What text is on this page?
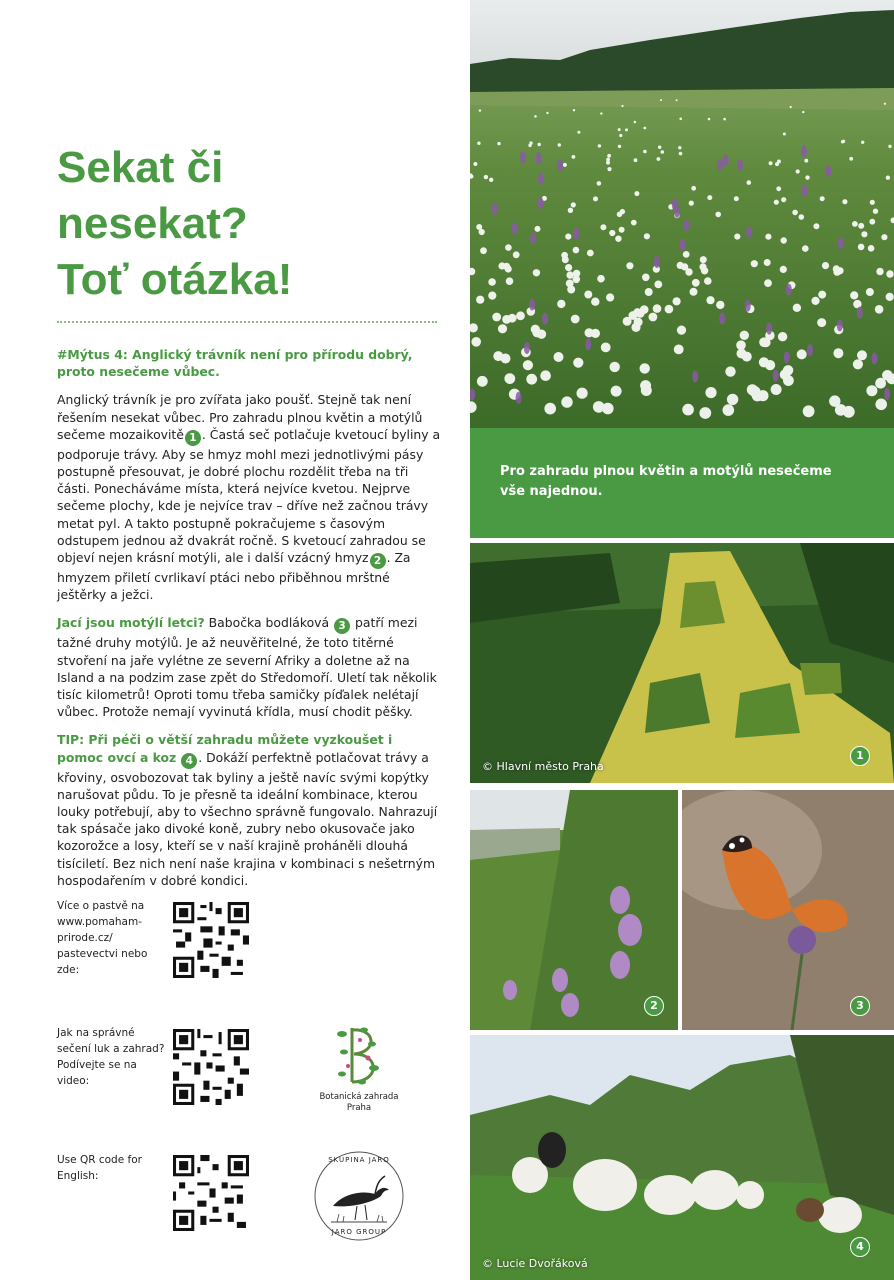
Sekat či
nesekat?
Toť otázka!

#Mýtus 4: Anglický trávník není pro přírodu dobrý, proto nesečeme vůbec.

Anglický trávník je pro zvířata jako poušť. Stejně tak není řešením nesekat vůbec. Pro zahradu plnou květin a motýlů sečeme mozaikovitě 1 . Častá seč potlačuje kvetoucí byliny a podporuje trávy. Aby se hmyz mohl mezi jednotlivými pásy postupně přesouvat, je dobré plochu rozdělit třeba na tři části. Ponecháváme místa, která nejvíce kvetou. Nejprve sečeme plochy, kde je nejvíce trav – dříve než začnou trávy metat pyl. A takto postupně pokračujeme s časovým odstupem jednou až dvakrát ročně. S kvetoucí zahradou se objeví nejen krásní motýli, ale i další vzácný hmyz 2 . Za hmyzem přiletí cvrlikaví ptáci nebo přiběhnou mrštné ještěrky a ježci.

Jací jsou motýlí letci? Babočka bodláková 3 patří mezi tažné druhy motýlů. Je až neuvěřitelné, že toto titěrné stvoření na jaře vylétne ze severní Afriky a doletne až na Island a na podzim zase zpět do Středomoří. Uletí tak několik tisíc kilometrů! Oproti tomu třeba samičky píďalek nelétají vůbec. Protože nemají vyvinutá křídla, musí chodit pěšky.

TIP: Při péči o větší zahradu můžete vyzkoušet i pomoc ovcí a koz 4 . Dokáží perfektně potlačovat trávy a křoviny, osvobozovat tak byliny a ještě navíc svými kopýtky narušovat půdu. To je přesně ta ideální kombinace, kterou louky potřebují, aby to všechno správně fungovalo. Nahrazují tak spásače jako divoké koně, zubry nebo okusovače jako kozorožce a losy, kteří se v naší krajině proháněli dlouhá tisíciletí. Bez nich není naše krajina v kombinaci s nešetrným hospodařením v dobré kondici.

Více o pastvě na www.pomaham-prirode.cz/ pastevectvi nebo zde:
Jak na správné sečení luk a zahrad? Podívejte se na video:
Use QR code for English:
Botanická zahrada Praha
SKUPINA JARO
JARO GROUP
© Hlavní město Praha
1
2	3
© Lucie Dvořáková
4
Pro zahradu plnou květin a motýlů nesečeme vše najednou.
